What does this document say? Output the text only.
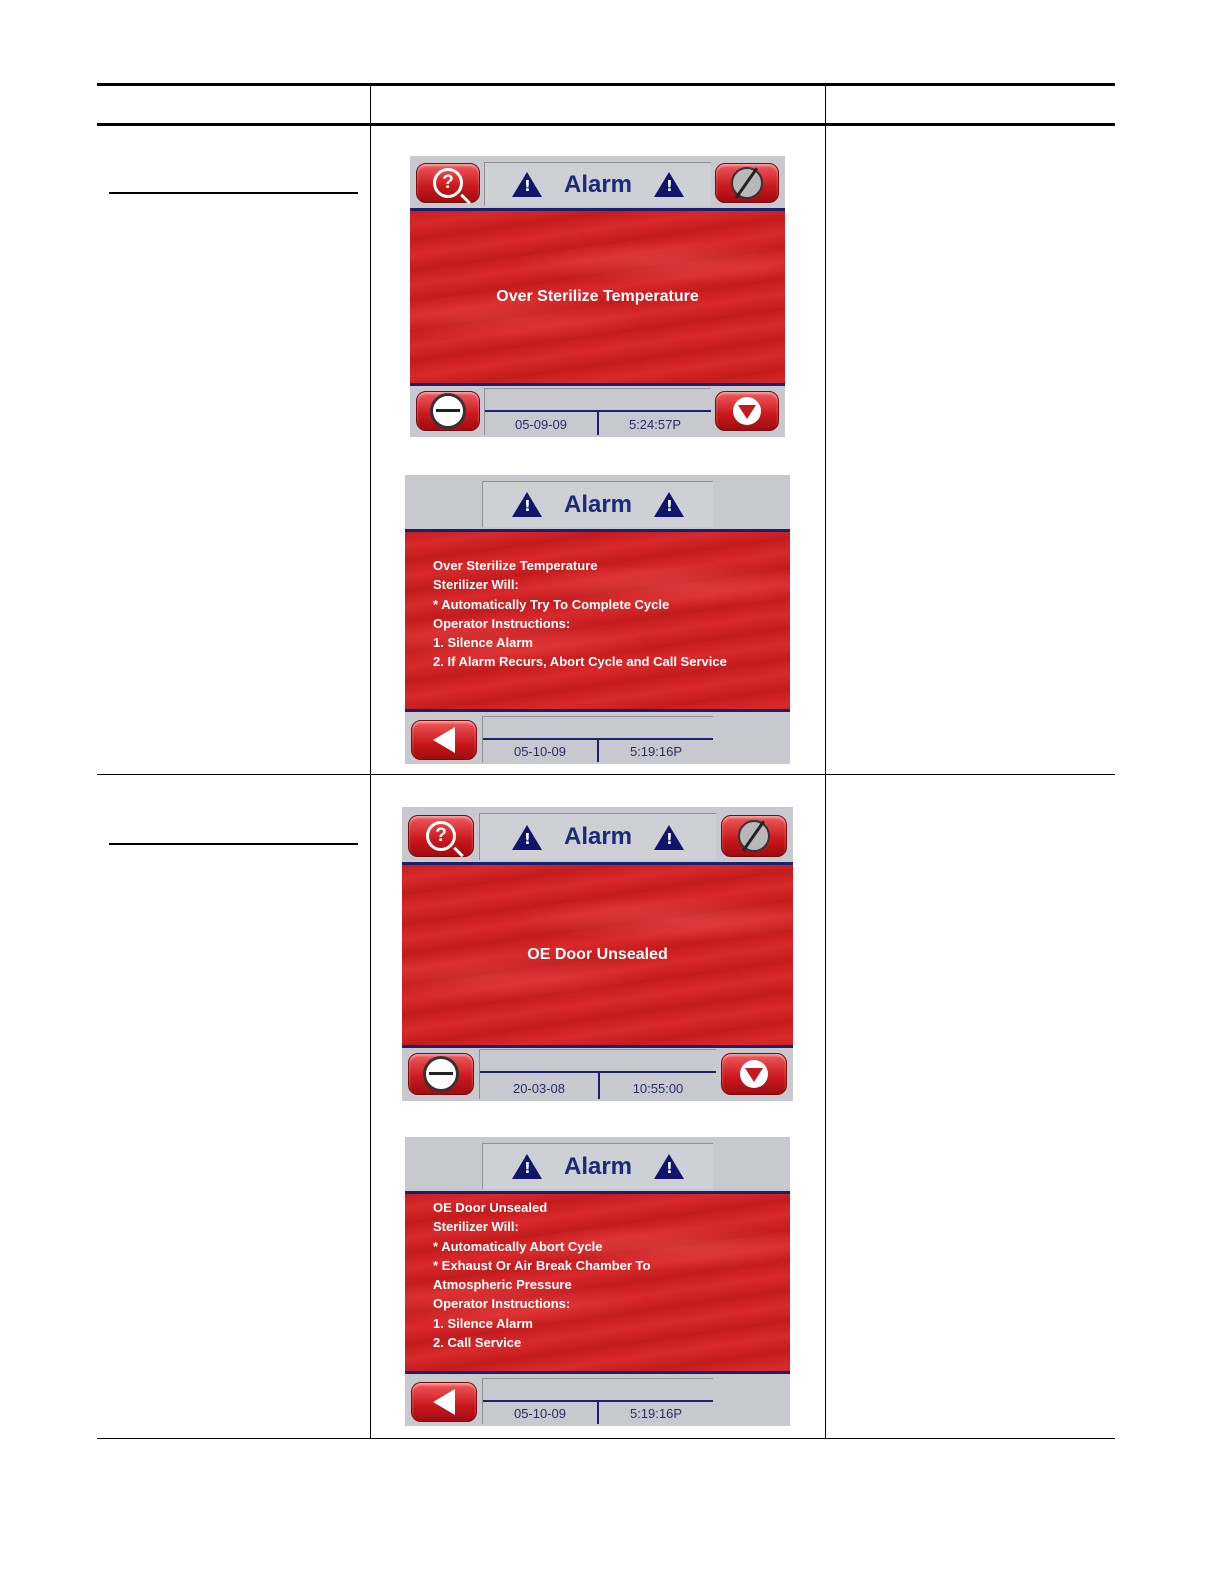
? !	Alarm
!
Over Sterilize Temperature
05-09-09	5:24:57P
!
Alarm
!
Over Sterilize Temperature
Sterilizer Will:
* Automatically Try To Complete Cycle
Operator Instructions:
1. Silence Alarm
2. If Alarm Recurs, Abort Cycle and Call Service
05-10-09	5:19:16P
? !	Alarm
!
OE Door Unsealed
20-03-08	10:55:00
!
Alarm
!
OE Door Unsealed
Sterilizer Will:
* Automatically Abort Cycle
* Exhaust Or Air Break Chamber To
Atmospheric Pressure
Operator Instructions:
1. Silence Alarm
2. Call Service
05-10-09	5:19:16P
